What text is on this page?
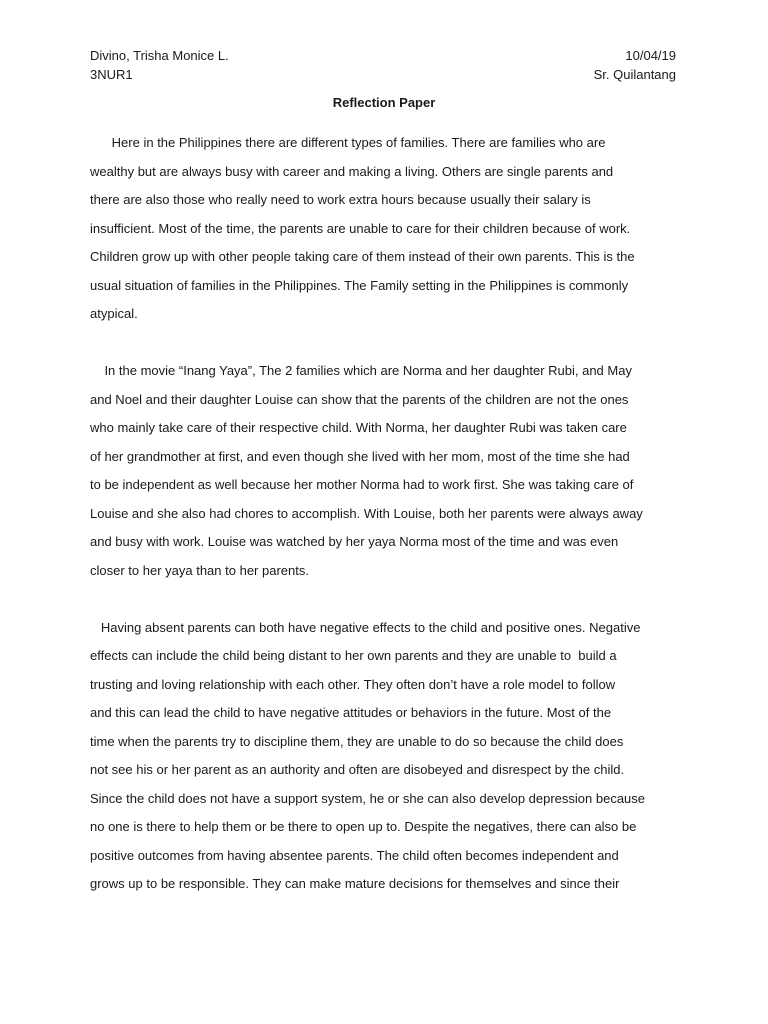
Divino, Trisha Monice L.	10/04/19
3NUR1	Sr. Quilantang
Reflection Paper

Here in the Philippines there are different types of families. There are families who are
wealthy but are always busy with career and making a living. Others are single parents and
there are also those who really need to work extra hours because usually their salary is
insufficient. Most of the time, the parents are unable to care for their children because of work.
Children grow up with other people taking care of them instead of their own parents. This is the
usual situation of families in the Philippines. The Family setting in the Philippines is commonly
atypical.

In the movie “Inang Yaya”, The 2 families which are Norma and her daughter Rubi, and May
and Noel and their daughter Louise can show that the parents of the children are not the ones
who mainly take care of their respective child. With Norma, her daughter Rubi was taken care
of her grandmother at first, and even though she lived with her mom, most of the time she had
to be independent as well because her mother Norma had to work first. She was taking care of
Louise and she also had chores to accomplish. With Louise, both her parents were always away
and busy with work. Louise was watched by her yaya Norma most of the time and was even
closer to her yaya than to her parents.

Having absent parents can both have negative effects to the child and positive ones. Negative
effects can include the child being distant to her own parents and they are unable to  build a
trusting and loving relationship with each other. They often don’t have a role model to follow
and this can lead the child to have negative attitudes or behaviors in the future. Most of the
time when the parents try to discipline them, they are unable to do so because the child does
not see his or her parent as an authority and often are disobeyed and disrespect by the child.
Since the child does not have a support system, he or she can also develop depression because
no one is there to help them or be there to open up to. Despite the negatives, there can also be
positive outcomes from having absentee parents. The child often becomes independent and
grows up to be responsible. They can make mature decisions for themselves and since their
